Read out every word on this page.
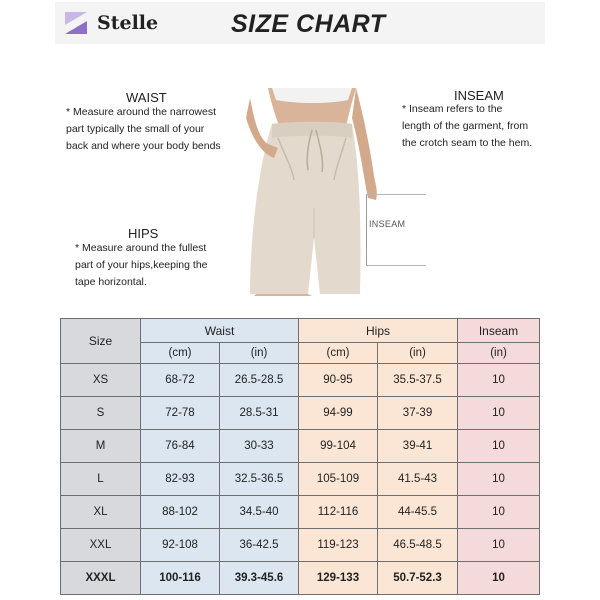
Stelle	SIZE CHART
WAIST
* Measure around the narrowest
part typically the small of your
back and where your body bends
HIPS
* Measure around the fullest
part of your hips,keeping the
tape horizontal.
INSEAM
* Inseam refers to the
length of the garment, from
the crotch seam to the hem.
INSEAM
Size	Waist		Hips		Inseam
	(cm)	(in)	(cm)	(in)	(in)
XS	68-72	26.5-28.5	90-95	35.5-37.5	10
S	72-78	28.5-31	94-99	37-39	10
M	76-84	30-33	99-104	39-41	10
L	82-93	32.5-36.5	105-109	41.5-43	10
XL	88-102	34.5-40	112-116	44-45.5	10
XXL	92-108	36-42.5	119-123	46.5-48.5	10
XXXL	100-116	39.3-45.6	129-133	50.7-52.3	10
